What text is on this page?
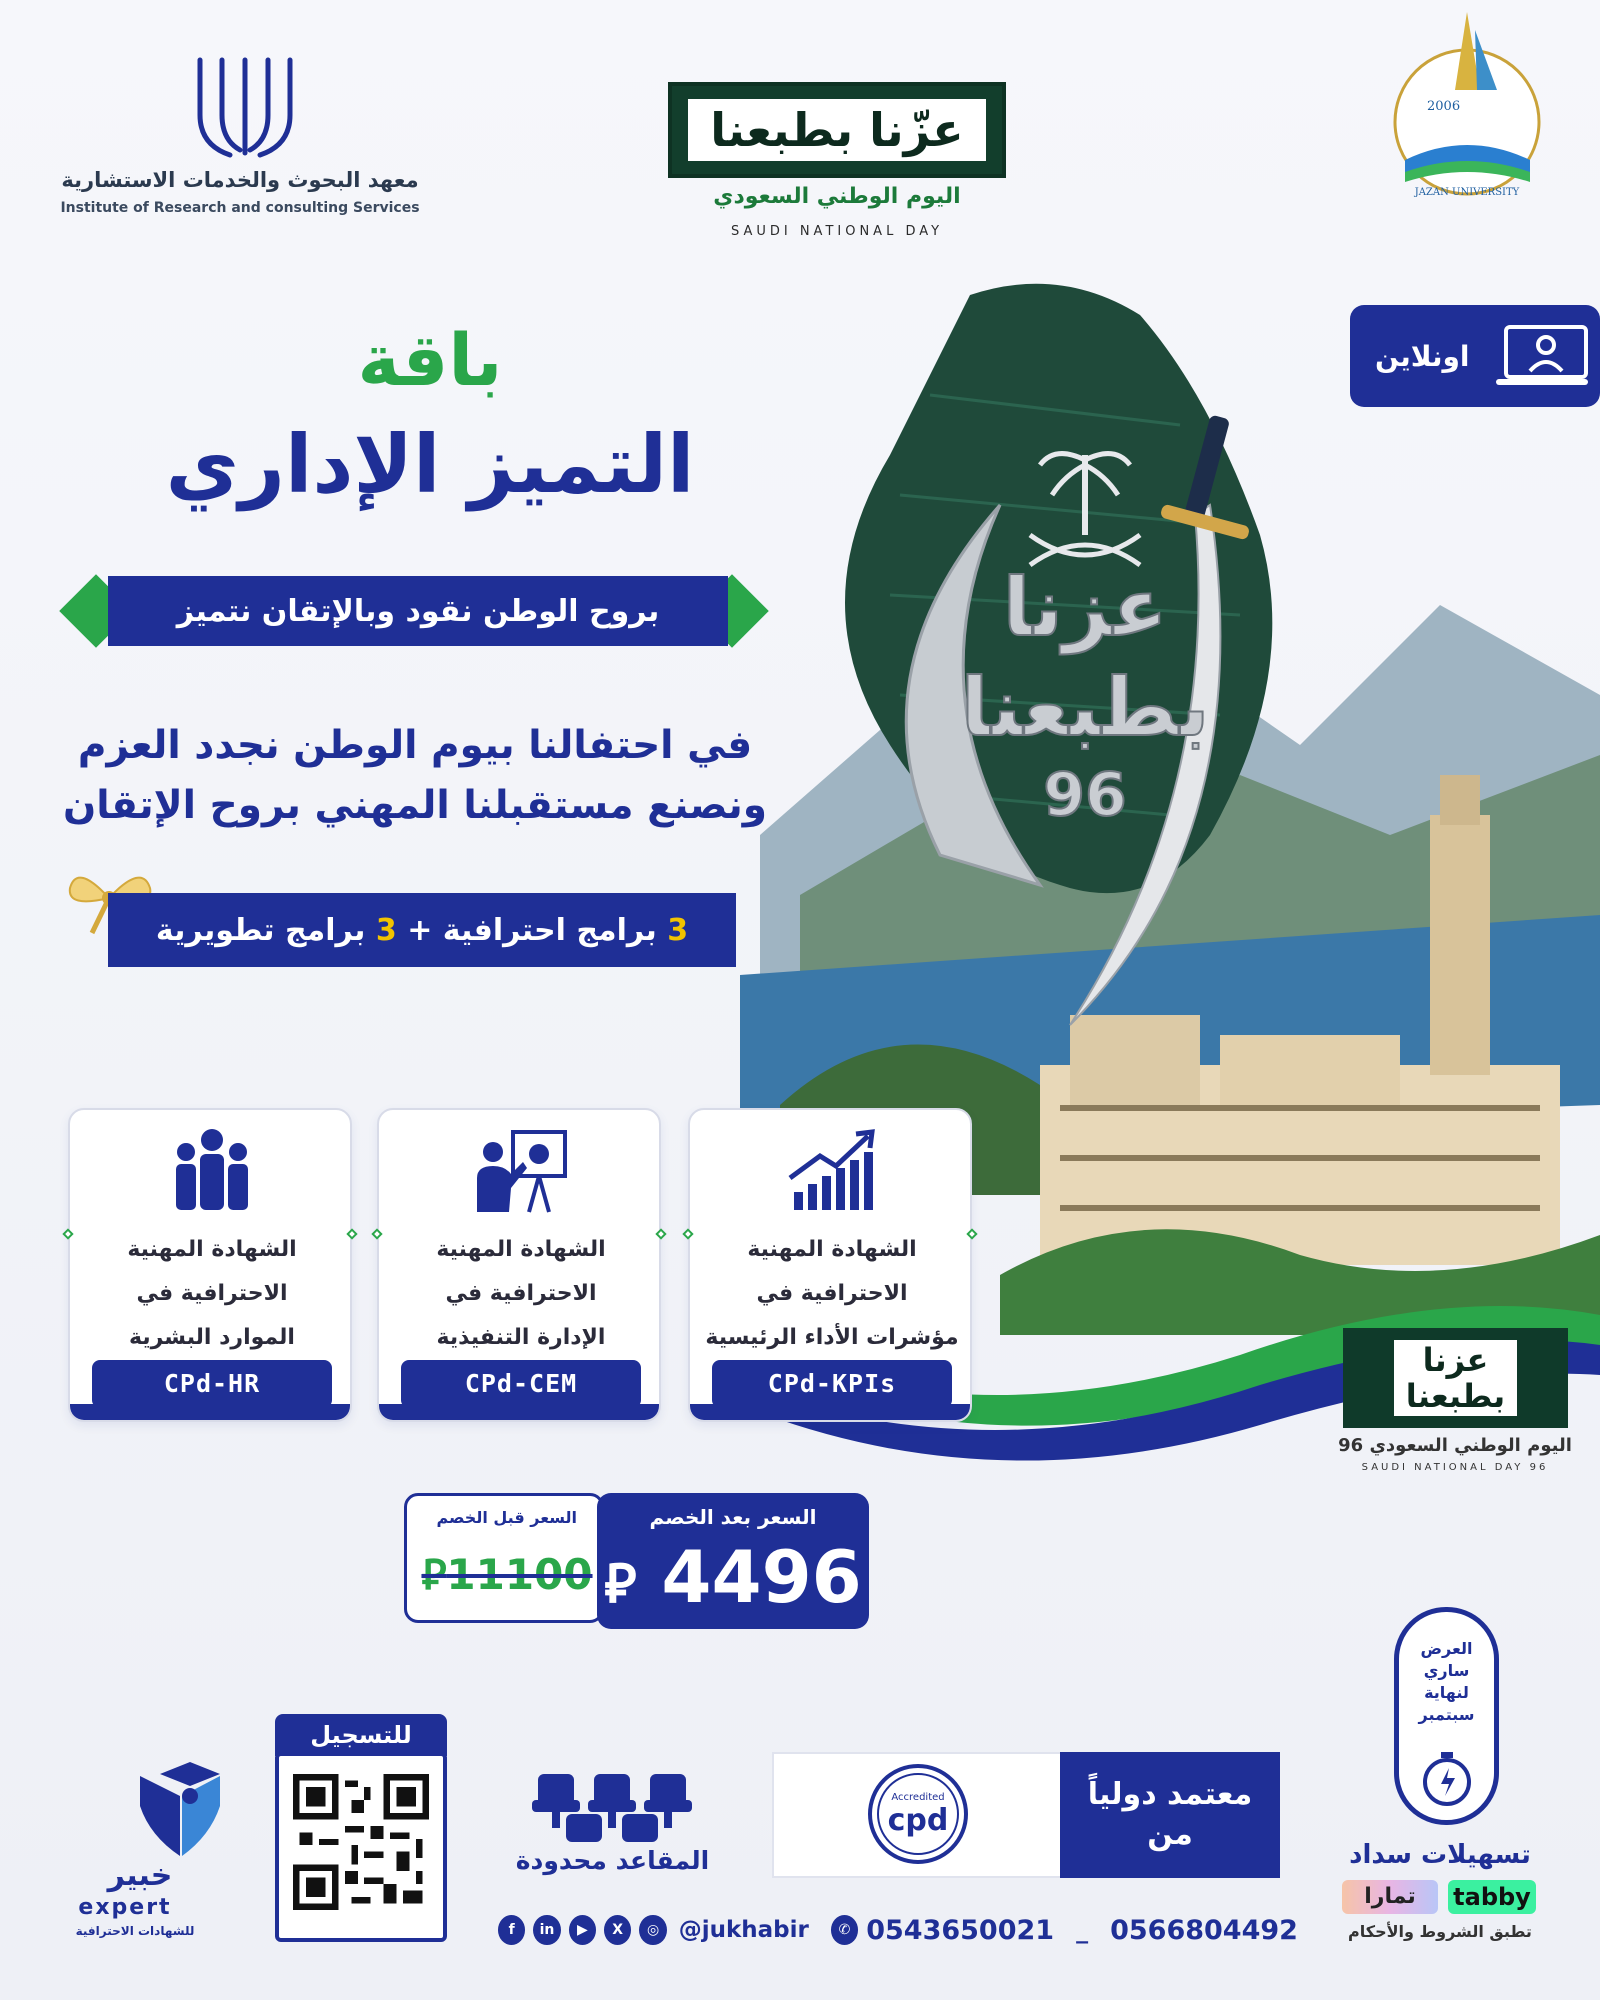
معهد البحوث والخدمات الاستشارية
Institute of Research and consulting Services
عزّنا بطبعنا
اليوم الوطني السعودي
SAUDI NATIONAL DAY
2006
JAZAN UNIVERSITY
اونلاين
باقة
التميز الإداري
بروح الوطن نقود وبالإتقان نتميز
في احتفالنا بيوم الوطن نجدد العزم
ونصنع مستقبلنا المهني بروح الإتقان
3
برامج احترافية +
3
برامج تطويرية
عزنا
بطبعنا
96
عزنا
بطبعنا
اليوم الوطني السعودي 96
SAUDI NATIONAL DAY 96
الشهادة المهنية
الاحترافية في
مؤشرات الأداء الرئيسية
CPd-KPIs
الشهادة المهنية
الاحترافية في
الإدارة التنفيذية
CPd-CEM
الشهادة المهنية
الاحترافية في
الموارد البشرية
CPd-HR
السعر قبل الخصم
⃁11100
السعر بعد الخصم
⃁ 4496
العرض
ساري
لنهاية
سبتمبر
تسهيلات سداد
tabby
تمارا
تطبق الشروط والأحكام
Accredited
cpd
معتمد دولياً
من
المقاعد محدودة
للتسجيل
خبير
expert
للشهادات الاحترافية	f	in	▶	X	◎ @jukhabir	✆ 0543650021 _ 0566804492
